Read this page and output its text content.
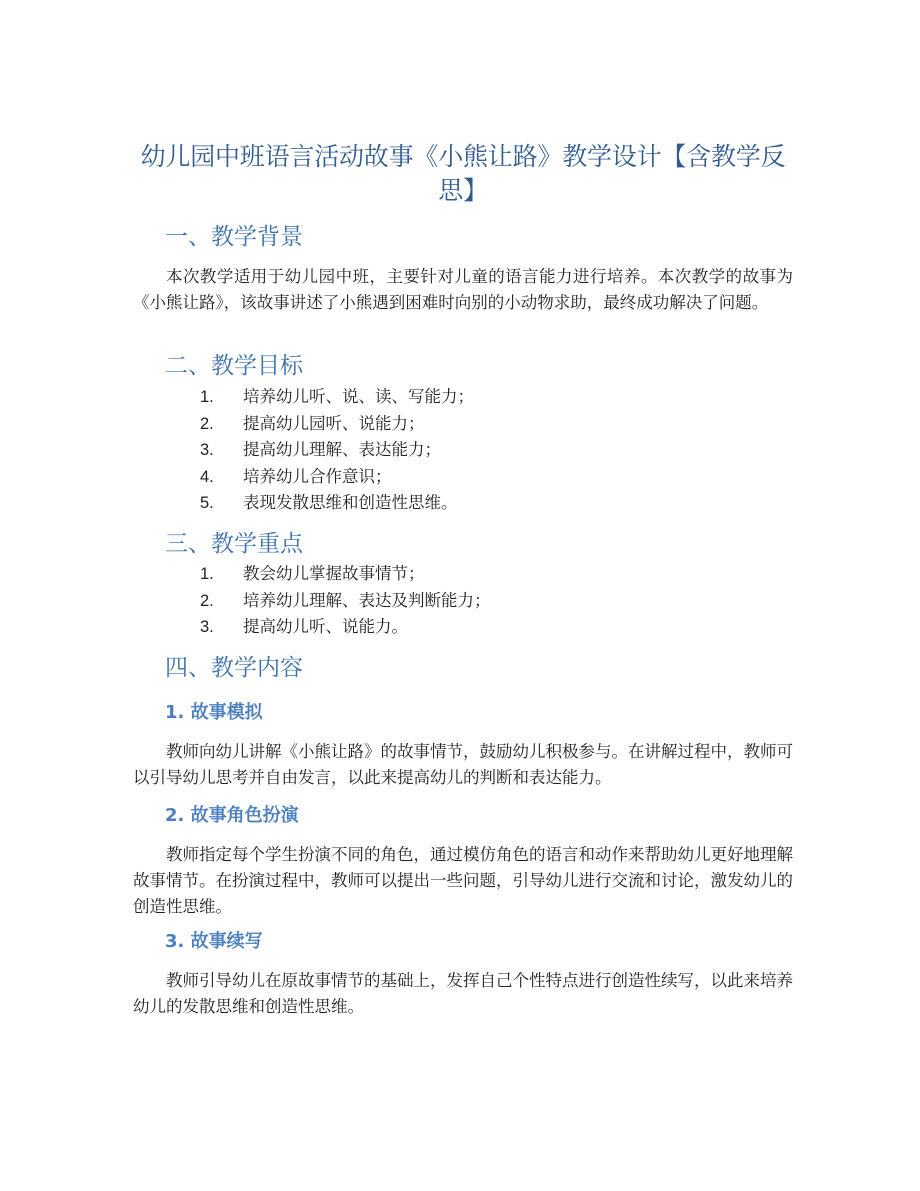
幼儿园中班语言活动故事《小熊让路》教学设计【含教学反思】
一、教学背景
本次教学适用于幼儿园中班，主要针对儿童的语言能力进行培养。本次教学的故事为《小熊让路》，该故事讲述了小熊遇到困难时向别的小动物求助，最终成功解决了问题。
二、教学目标
1. 培养幼儿听、说、读、写能力；
2. 提高幼儿园听、说能力；
3. 提高幼儿理解、表达能力；
4. 培养幼儿合作意识；
5. 表现发散思维和创造性思维。
三、教学重点
1. 教会幼儿掌握故事情节；
2. 培养幼儿理解、表达及判断能力；
3. 提高幼儿听、说能力。
四、教学内容
1. 故事模拟
教师向幼儿讲解《小熊让路》的故事情节，鼓励幼儿积极参与。在讲解过程中，教师可以引导幼儿思考并自由发言，以此来提高幼儿的判断和表达能力。
2. 故事角色扮演
教师指定每个学生扮演不同的角色，通过模仿角色的语言和动作来帮助幼儿更好地理解故事情节。在扮演过程中，教师可以提出一些问题，引导幼儿进行交流和讨论，激发幼儿的创造性思维。
3. 故事续写
教师引导幼儿在原故事情节的基础上，发挥自己个性特点进行创造性续写，以此来培养幼儿的发散思维和创造性思维。
